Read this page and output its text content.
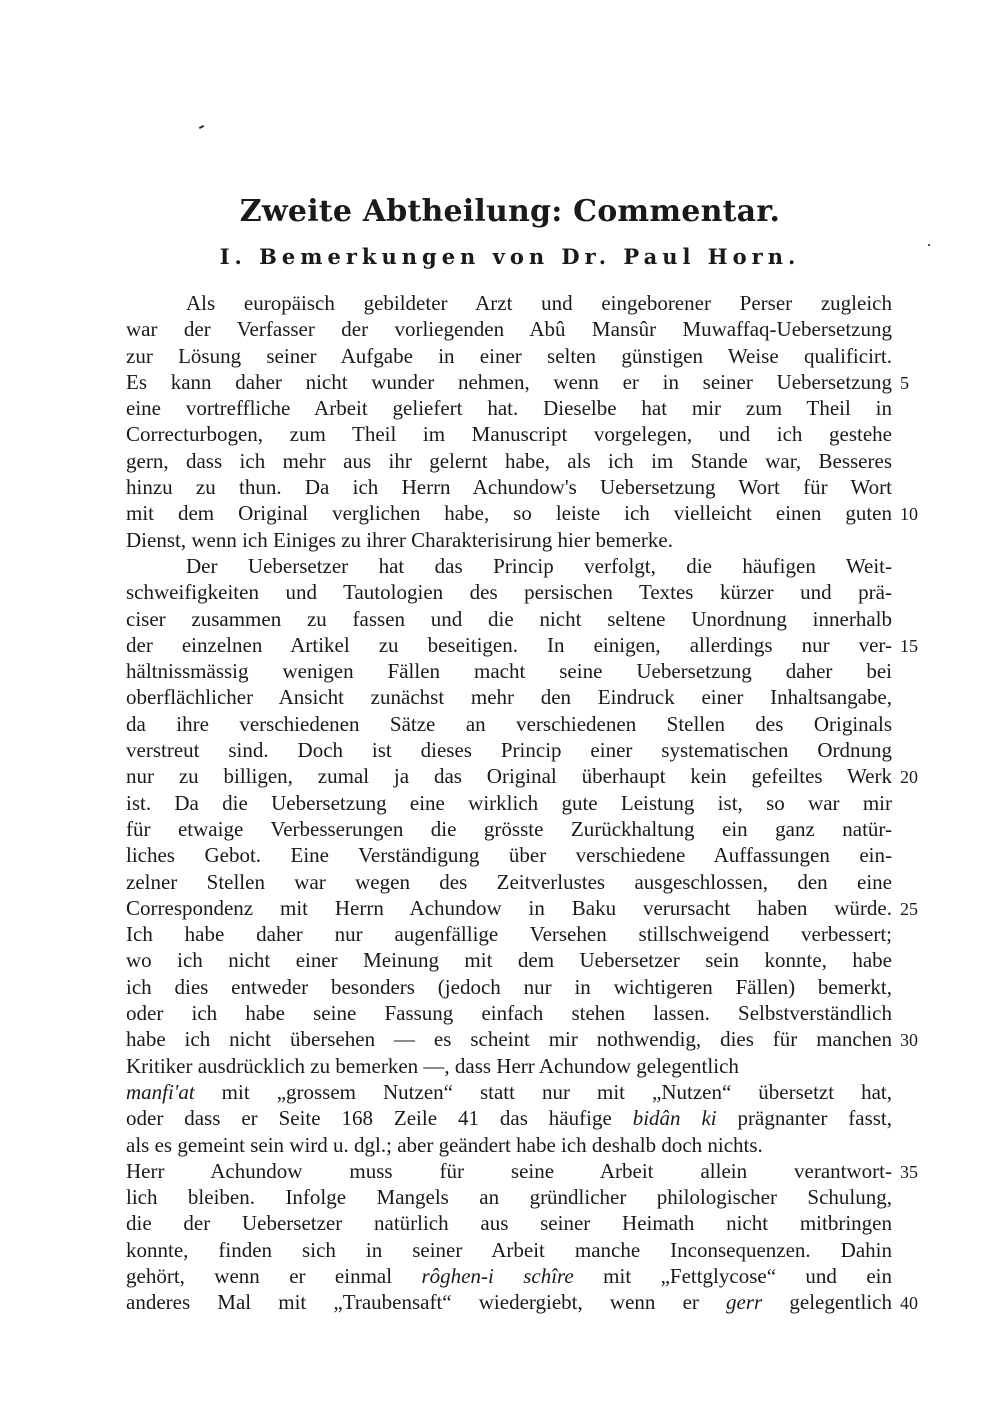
Zweite Abtheilung: Commentar.
I. Bemerkungen von Dr. Paul Horn.
Als europäisch gebildeter Arzt und eingeborener Perser zugleich
war der Verfasser der vorliegenden Abû Mansûr Muwaffaq-Uebersetzung
zur Lösung seiner Aufgabe in einer selten günstigen Weise qualificirt.
Es kann daher nicht wunder nehmen, wenn er in seiner Uebersetzung
eine vortreffliche Arbeit geliefert hat. Dieselbe hat mir zum Theil in
Correcturbogen, zum Theil im Manuscript vorgelegen, und ich gestehe
gern, dass ich mehr aus ihr gelernt habe, als ich im Stande war, Besseres
hinzu zu thun. Da ich Herrn Achundow's Uebersetzung Wort für Wort
mit dem Original verglichen habe, so leiste ich vielleicht einen guten
Dienst, wenn ich Einiges zu ihrer Charakterisirung hier bemerke.
Der Uebersetzer hat das Princip verfolgt, die häufigen Weit-
schweifigkeiten und Tautologien des persischen Textes kürzer und prä-
ciser zusammen zu fassen und die nicht seltene Unordnung innerhalb
der einzelnen Artikel zu beseitigen. In einigen, allerdings nur ver-
hältnissmässig wenigen Fällen macht seine Uebersetzung daher bei
oberflächlicher Ansicht zunächst mehr den Eindruck einer Inhaltsangabe,
da ihre verschiedenen Sätze an verschiedenen Stellen des Originals
verstreut sind. Doch ist dieses Princip einer systematischen Ordnung
nur zu billigen, zumal ja das Original überhaupt kein gefeiltes Werk
ist. Da die Uebersetzung eine wirklich gute Leistung ist, so war mir
für etwaige Verbesserungen die grösste Zurückhaltung ein ganz natür-
liches Gebot. Eine Verständigung über verschiedene Auffassungen ein-
zelner Stellen war wegen des Zeitverlustes ausgeschlossen, den eine
Correspondenz mit Herrn Achundow in Baku verursacht haben würde.
Ich habe daher nur augenfällige Versehen stillschweigend verbessert;
wo ich nicht einer Meinung mit dem Uebersetzer sein konnte, habe
ich dies entweder besonders (jedoch nur in wichtigeren Fällen) bemerkt,
oder ich habe seine Fassung einfach stehen lassen. Selbstverständlich
habe ich nicht übersehen — es scheint mir nothwendig, dies für manchen
Kritiker ausdrücklich zu bemerken —, dass Herr Achundow gelegentlich
manfi'at mit „grossem Nutzen“ statt nur mit „Nutzen“ übersetzt hat,
oder dass er Seite 168 Zeile 41 das häufige bidân ki prägnanter fasst,
als es gemeint sein wird u. dgl.; aber geändert habe ich deshalb doch nichts.
Herr Achundow muss für seine Arbeit allein verantwort-
lich bleiben. Infolge Mangels an gründlicher philologischer Schulung,
die der Uebersetzer natürlich aus seiner Heimath nicht mitbringen
konnte, finden sich in seiner Arbeit manche Inconsequenzen. Dahin
gehört, wenn er einmal rôghen-i schîre mit „Fettglycose“ und ein
anderes Mal mit „Traubensaft“ wiedergiebt, wenn er gerr gelegentlich
5
10
15
20
25
30
35
40
